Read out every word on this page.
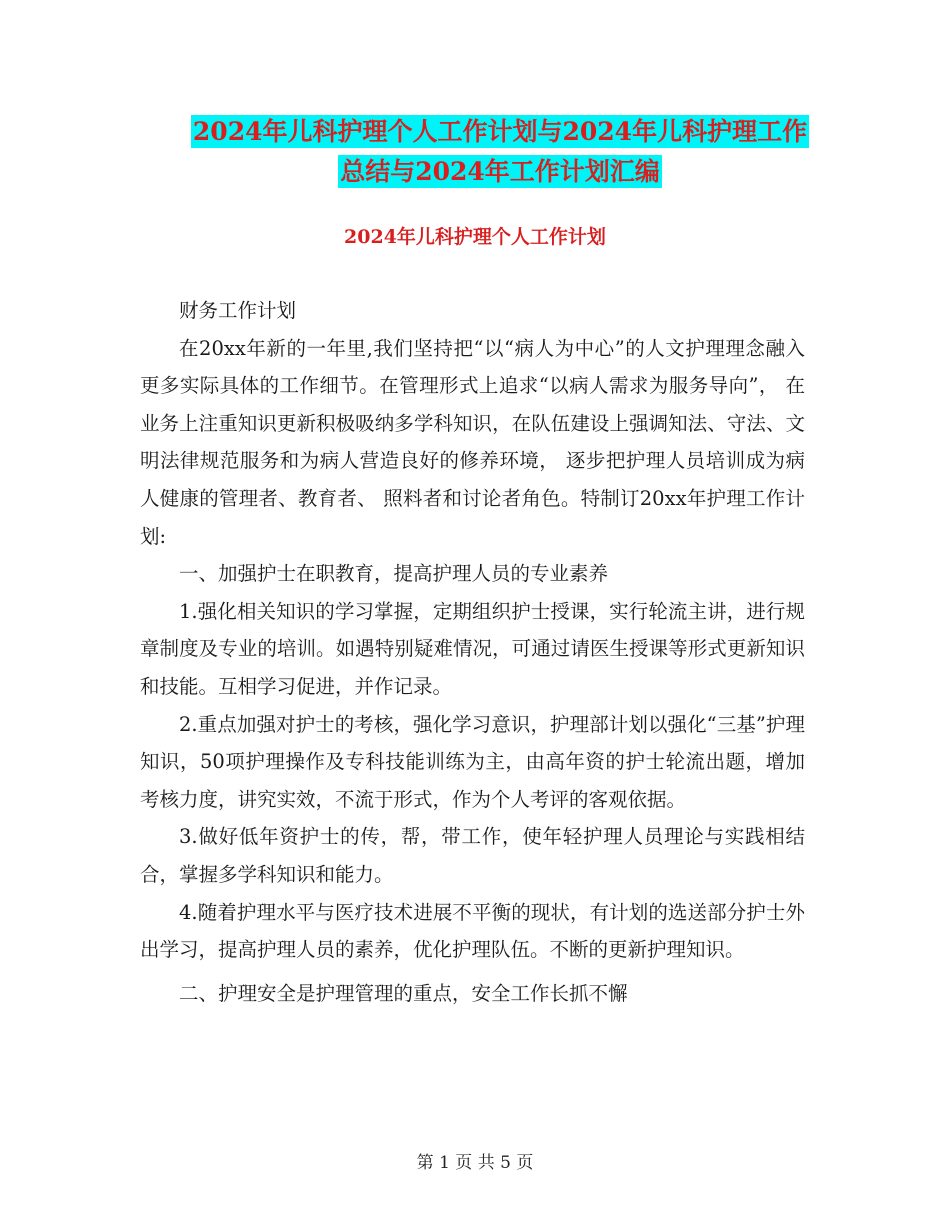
2024年儿科护理个人工作计划与2024年儿科护理工作总结与2024年工作计划汇编
2024年儿科护理个人工作计划

财务工作计划

在20xx年新的一年里,我们坚持把“以“病人为中心”的人文护理理念融入更多实际具体的工作细节。在管理形式上追求“以病人需求为服务导向”， 在业务上注重知识更新积极吸纳多学科知识，在队伍建设上强调知法、守法、文明法律规范服务和为病人营造良好的修养环境， 逐步把护理人员培训成为病人健康的管理者、教育者、 照料者和讨论者角色。特制订20xx年护理工作计划:

一、加强护士在职教育，提高护理人员的专业素养

1.强化相关知识的学习掌握，定期组织护士授课，实行轮流主讲，进行规章制度及专业的培训。如遇特别疑难情况，可通过请医生授课等形式更新知识和技能。互相学习促进，并作记录。

2.重点加强对护士的考核，强化学习意识，护理部计划以强化“三基”护理知识，50项护理操作及专科技能训练为主，由高年资的护士轮流出题，增加考核力度，讲究实效，不流于形式，作为个人考评的客观依据。

3.做好低年资护士的传，帮，带工作，使年轻护理人员理论与实践相结合，掌握多学科知识和能力。

4.随着护理水平与医疗技术进展不平衡的现状，有计划的选送部分护士外出学习，提高护理人员的素养，优化护理队伍。不断的更新护理知识。

二、护理安全是护理管理的重点，安全工作长抓不懈

第 1 页 共 5 页
